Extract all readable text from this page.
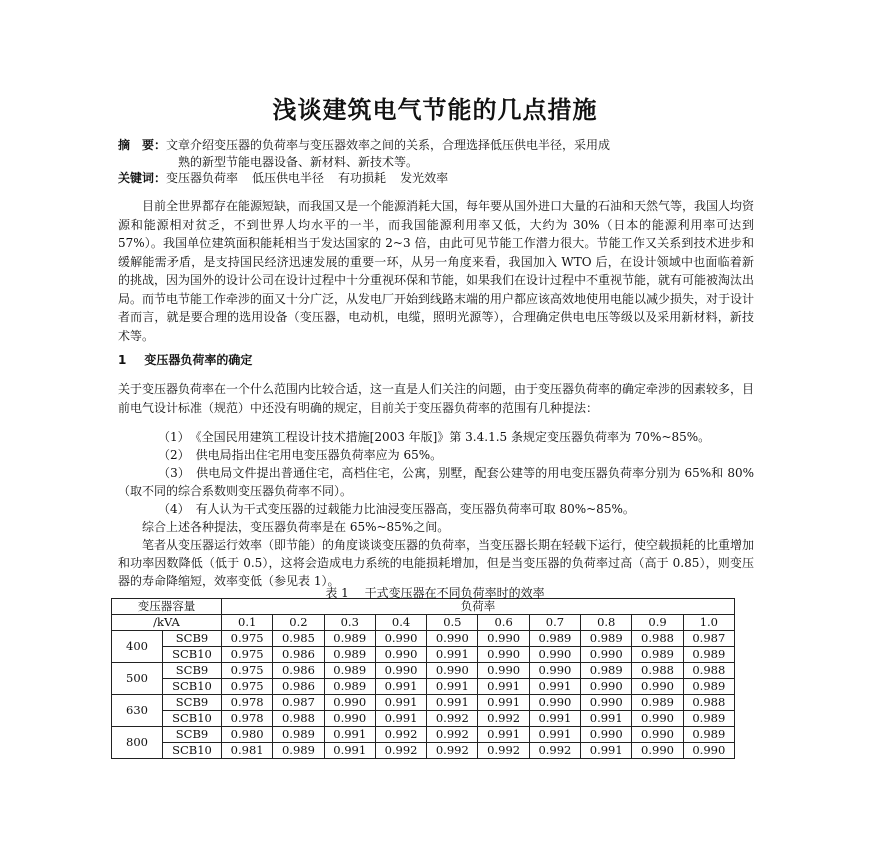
浅谈建筑电气节能的几点措施
摘　要：文章介绍变压器的负荷率与变压器效率之间的关系，合理选择低压供电半径，采用成
熟的新型节能电器设备、新材料、新技术等。
关键词：变压器负荷率 低压供电半径 有功损耗 发光效率
目前全世界都存在能源短缺，而我国又是一个能源消耗大国，每年要从国外进口大量的石油和天然气等，我国人均资源和能源相对贫乏，不到世界人均水平的一半，而我国能源利用率又低，大约为 30%（日本的能源利用率可达到 57%）。我国单位建筑面积能耗相当于发达国家的 2~3 倍，由此可见节能工作潜力很大。节能工作又关系到技术进步和缓解能需矛盾，是支持国民经济迅速发展的重要一环，从另一角度来看，我国加入 WTO 后，在设计领域中也面临着新的挑战，因为国外的设计公司在设计过程中十分重视环保和节能，如果我们在设计过程中不重视节能，就有可能被淘汰出局。而节电节能工作牵涉的面又十分广泛，从发电厂开始到线路末端的用户都应该高效地使用电能以减少损失，对于设计者而言，就是要合理的选用设备（变压器，电动机，电缆，照明光源等），合理确定供电电压等级以及采用新材料，新技术等。
1 变压器负荷率的确定
关于变压器负荷率在一个什么范围内比较合适，这一直是人们关注的问题，由于变压器负荷率的确定牵涉的因素较多，目前电气设计标准（规范）中还没有明确的规定，目前关于变压器负荷率的范围有几种提法：
（1）　《全国民用建筑工程设计技术措施[2003 年版]》第 3.4.1.5 条规定变压器负荷率为 70%~85%。
（2）　供电局指出住宅用电变压器负荷率应为 65%。
（3）　供电局文件提出普通住宅，高档住宅，公寓，别墅，配套公建等的用电变压器负荷率分别为 65%和 80%（取不同的综合系数则变压器负荷率不同）。
（4）　有人认为干式变压器的过载能力比油浸变压器高，变压器负荷率可取 80%~85%。
综合上述各种提法，变压器负荷率是在 65%~85%之间。
笔者从变压器运行效率（即节能）的角度谈谈变压器的负荷率，当变压器长期在轻载下运行，使空载损耗的比重增加和功率因数降低（低于 0.5），这将会造成电力系统的电能损耗增加，但是当变压器的负荷率过高（高于 0.85），则变压器的寿命降缩短，效率变低（参见表 1）。
表 1　 干式变压器在不同负荷率时的效率
变压器容量		负荷率									
/kVA		0.1	0.2	0.3	0.4	0.5	0.6	0.7	0.8	0.9	1.0
400	SCB9	0.975	0.985	0.989	0.990	0.990	0.990	0.989	0.989	0.988	0.987
	SCB10	0.975	0.986	0.989	0.990	0.991	0.990	0.990	0.990	0.989	0.989
500	SCB9	0.975	0.986	0.989	0.990	0.990	0.990	0.990	0.989	0.988	0.988
	SCB10	0.975	0.986	0.989	0.991	0.991	0.991	0.991	0.990	0.990	0.989
630	SCB9	0.978	0.987	0.990	0.991	0.991	0.991	0.990	0.990	0.989	0.988
	SCB10	0.978	0.988	0.990	0.991	0.992	0.992	0.991	0.991	0.990	0.989
800	SCB9	0.980	0.989	0.991	0.992	0.992	0.991	0.991	0.990	0.990	0.989
	SCB10	0.981	0.989	0.991	0.992	0.992	0.992	0.992	0.991	0.990	0.990
